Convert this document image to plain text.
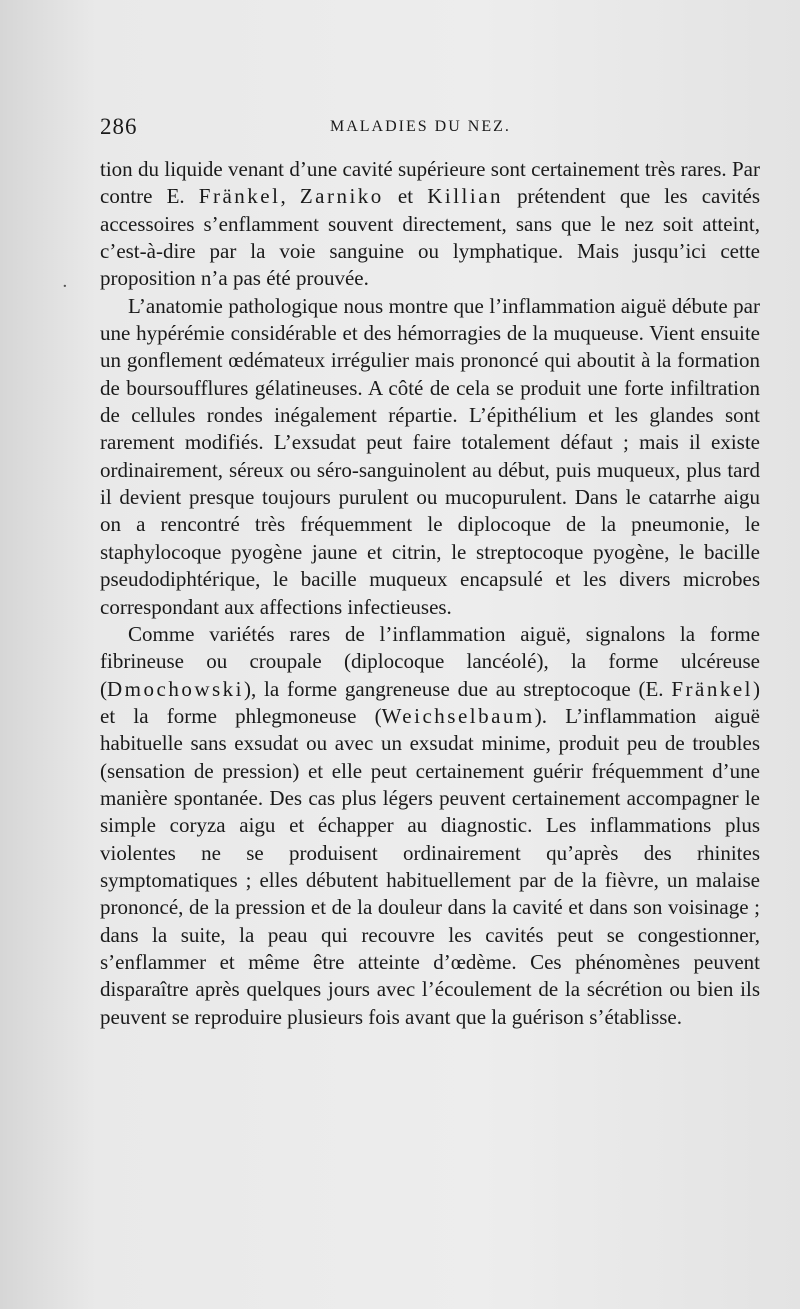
286	MALADIES DU NEZ.
·

tion du liquide venant d’une cavité supérieure sont certainement très rares. Par contre E. Fränkel, Zarniko et Killian prétendent que les cavités accessoires s’enflamment souvent directement, sans que le nez soit atteint, c’est-à-dire par la voie sanguine ou lymphatique. Mais jusqu’ici cette proposition n’a pas été prouvée.

L’anatomie pathologique nous montre que l’inflammation aiguë débute par une hypérémie considérable et des hémorragies de la muqueuse. Vient ensuite un gonflement œdémateux irrégulier mais prononcé qui aboutit à la formation de boursoufflures gélatineuses. A côté de cela se produit une forte infiltration de cellules rondes inégalement répartie. L’épithélium et les glandes sont rarement modifiés. L’exsudat peut faire totalement défaut ; mais il existe ordinairement, séreux ou séro-sanguinolent au début, puis muqueux, plus tard il devient presque toujours purulent ou mucopurulent. Dans le catarrhe aigu on a rencontré très fréquemment le diplocoque de la pneumonie, le staphylocoque pyogène jaune et citrin, le streptocoque pyogène, le bacille pseudodiphtérique, le bacille muqueux encapsulé et les divers microbes correspondant aux affections infectieuses.

Comme variétés rares de l’inflammation aiguë, signalons la forme fibrineuse ou croupale (diplocoque lancéolé), la forme ulcéreuse (Dmochowski), la forme gangreneuse due au streptocoque (E. Fränkel) et la forme phlegmoneuse (Weichselbaum). L’inflammation aiguë habituelle sans exsudat ou avec un exsudat minime, produit peu de troubles (sensation de pression) et elle peut certainement guérir fréquemment d’une manière spontanée. Des cas plus légers peuvent certainement accompagner le simple coryza aigu et échapper au diagnostic. Les inflammations plus violentes ne se produisent ordinairement qu’après des rhinites symptomatiques ; elles débutent habituellement par de la fièvre, un malaise prononcé, de la pression et de la douleur dans la cavité et dans son voisinage ; dans la suite, la peau qui recouvre les cavités peut se congestionner, s’enflammer et même être atteinte d’œdème. Ces phénomènes peuvent disparaître après quelques jours avec l’écoulement de la sécrétion ou bien ils peuvent se reproduire plusieurs fois avant que la guérison s’établisse.
